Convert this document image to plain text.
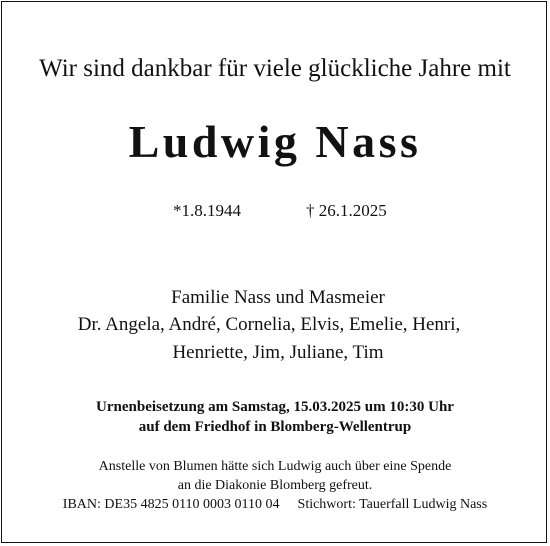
Wir sind dankbar für viele glückliche Jahre mit
Ludwig Nass
*1.8.1944	† 26.1.2025
Familie Nass und Masmeier
Dr. Angela, André, Cornelia, Elvis, Emelie, Henri,
Henriette, Jim, Juliane, Tim
Urnenbeisetzung am Samstag, 15.03.2025 um 10:30 Uhr
auf dem Friedhof in Blomberg-Wellentrup
Anstelle von Blumen hätte sich Ludwig auch über eine Spende
an die Diakonie Blomberg gefreut.
IBAN: DE35 4825 0110 0003 0110 04 Stichwort: Tauerfall Ludwig Nass
